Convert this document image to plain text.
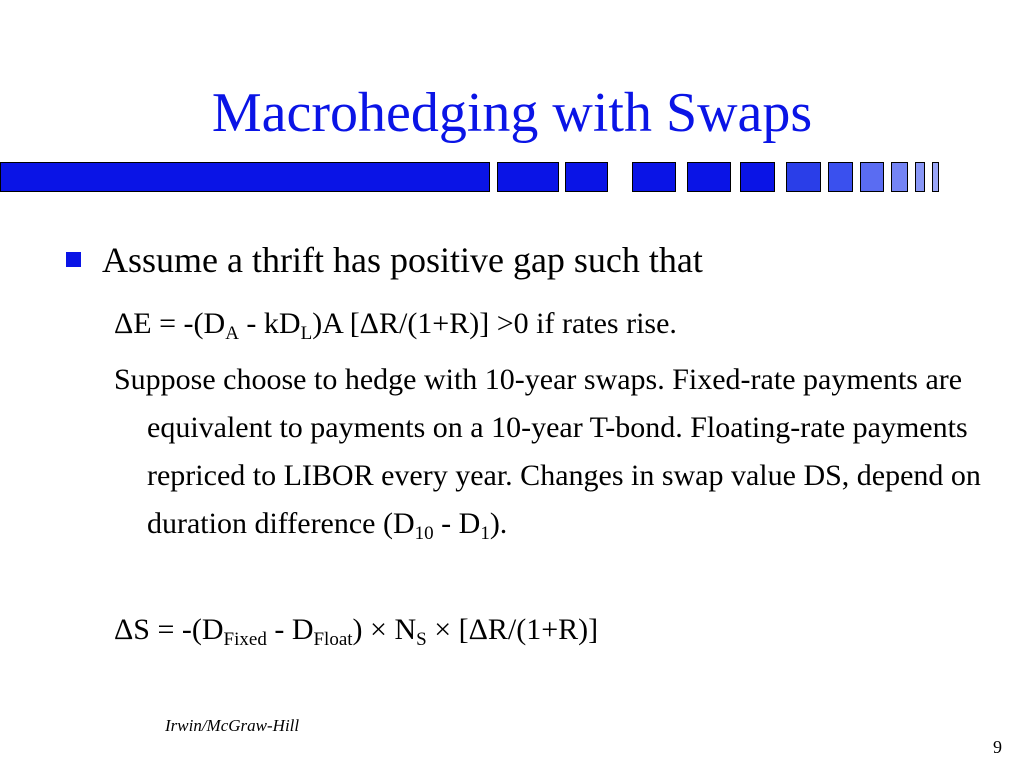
Macrohedging with Swaps
Assume a thrift has positive gap such that
$\Delta E = -(D_A - kD_L)A$ [ΔR/(1+R)] >0 if rates rise.
Suppose choose to hedge with 10-year swaps. Fixed-rate payments are equivalent to payments on a 10-year T-bond. Floating-rate payments repriced to LIBOR every year. Changes in swap value DS, depend on duration difference $(D_{10} - D_1)$.
$\Delta S = -(D_{Fixed} - D_{Float}) \times N_S \times [\Delta R/(1+R)]$
Irwin/McGraw-Hill
9
